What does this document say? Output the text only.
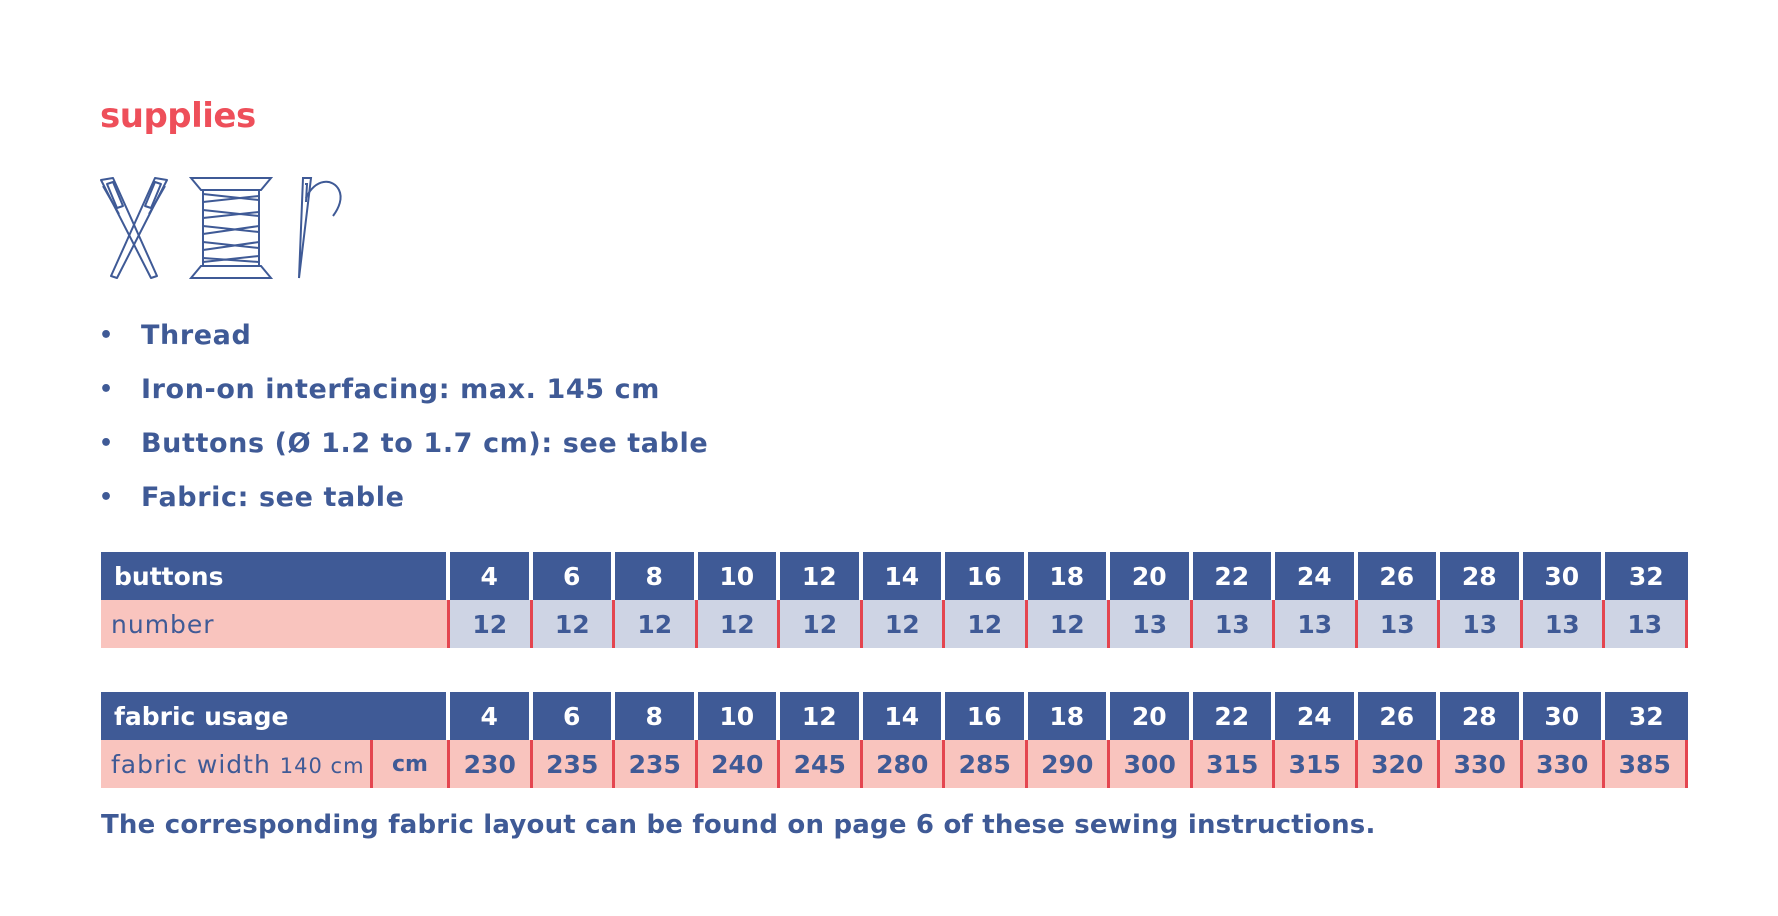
supplies
• Thread
• Iron-on interfacing: max. 145 cm
• Buttons (Ø 1.2 to 1.7 cm): see table
• Fabric: see table
buttons	4	6	8	10	12	14	16	18	20	22	24	26	28	30	32
number	12	12	12	12	12	12	12	12	13	13	13	13	13	13	13
fabric usage		4	6	8	10	12	14	16	18	20	22	24	26	28	30	32
fabric width 140 cm	cm	230	235	235	240	245	280	285	290	300	315	315	320	330	330	385
The corresponding fabric layout can be found on page 6 of these sewing instructions.
